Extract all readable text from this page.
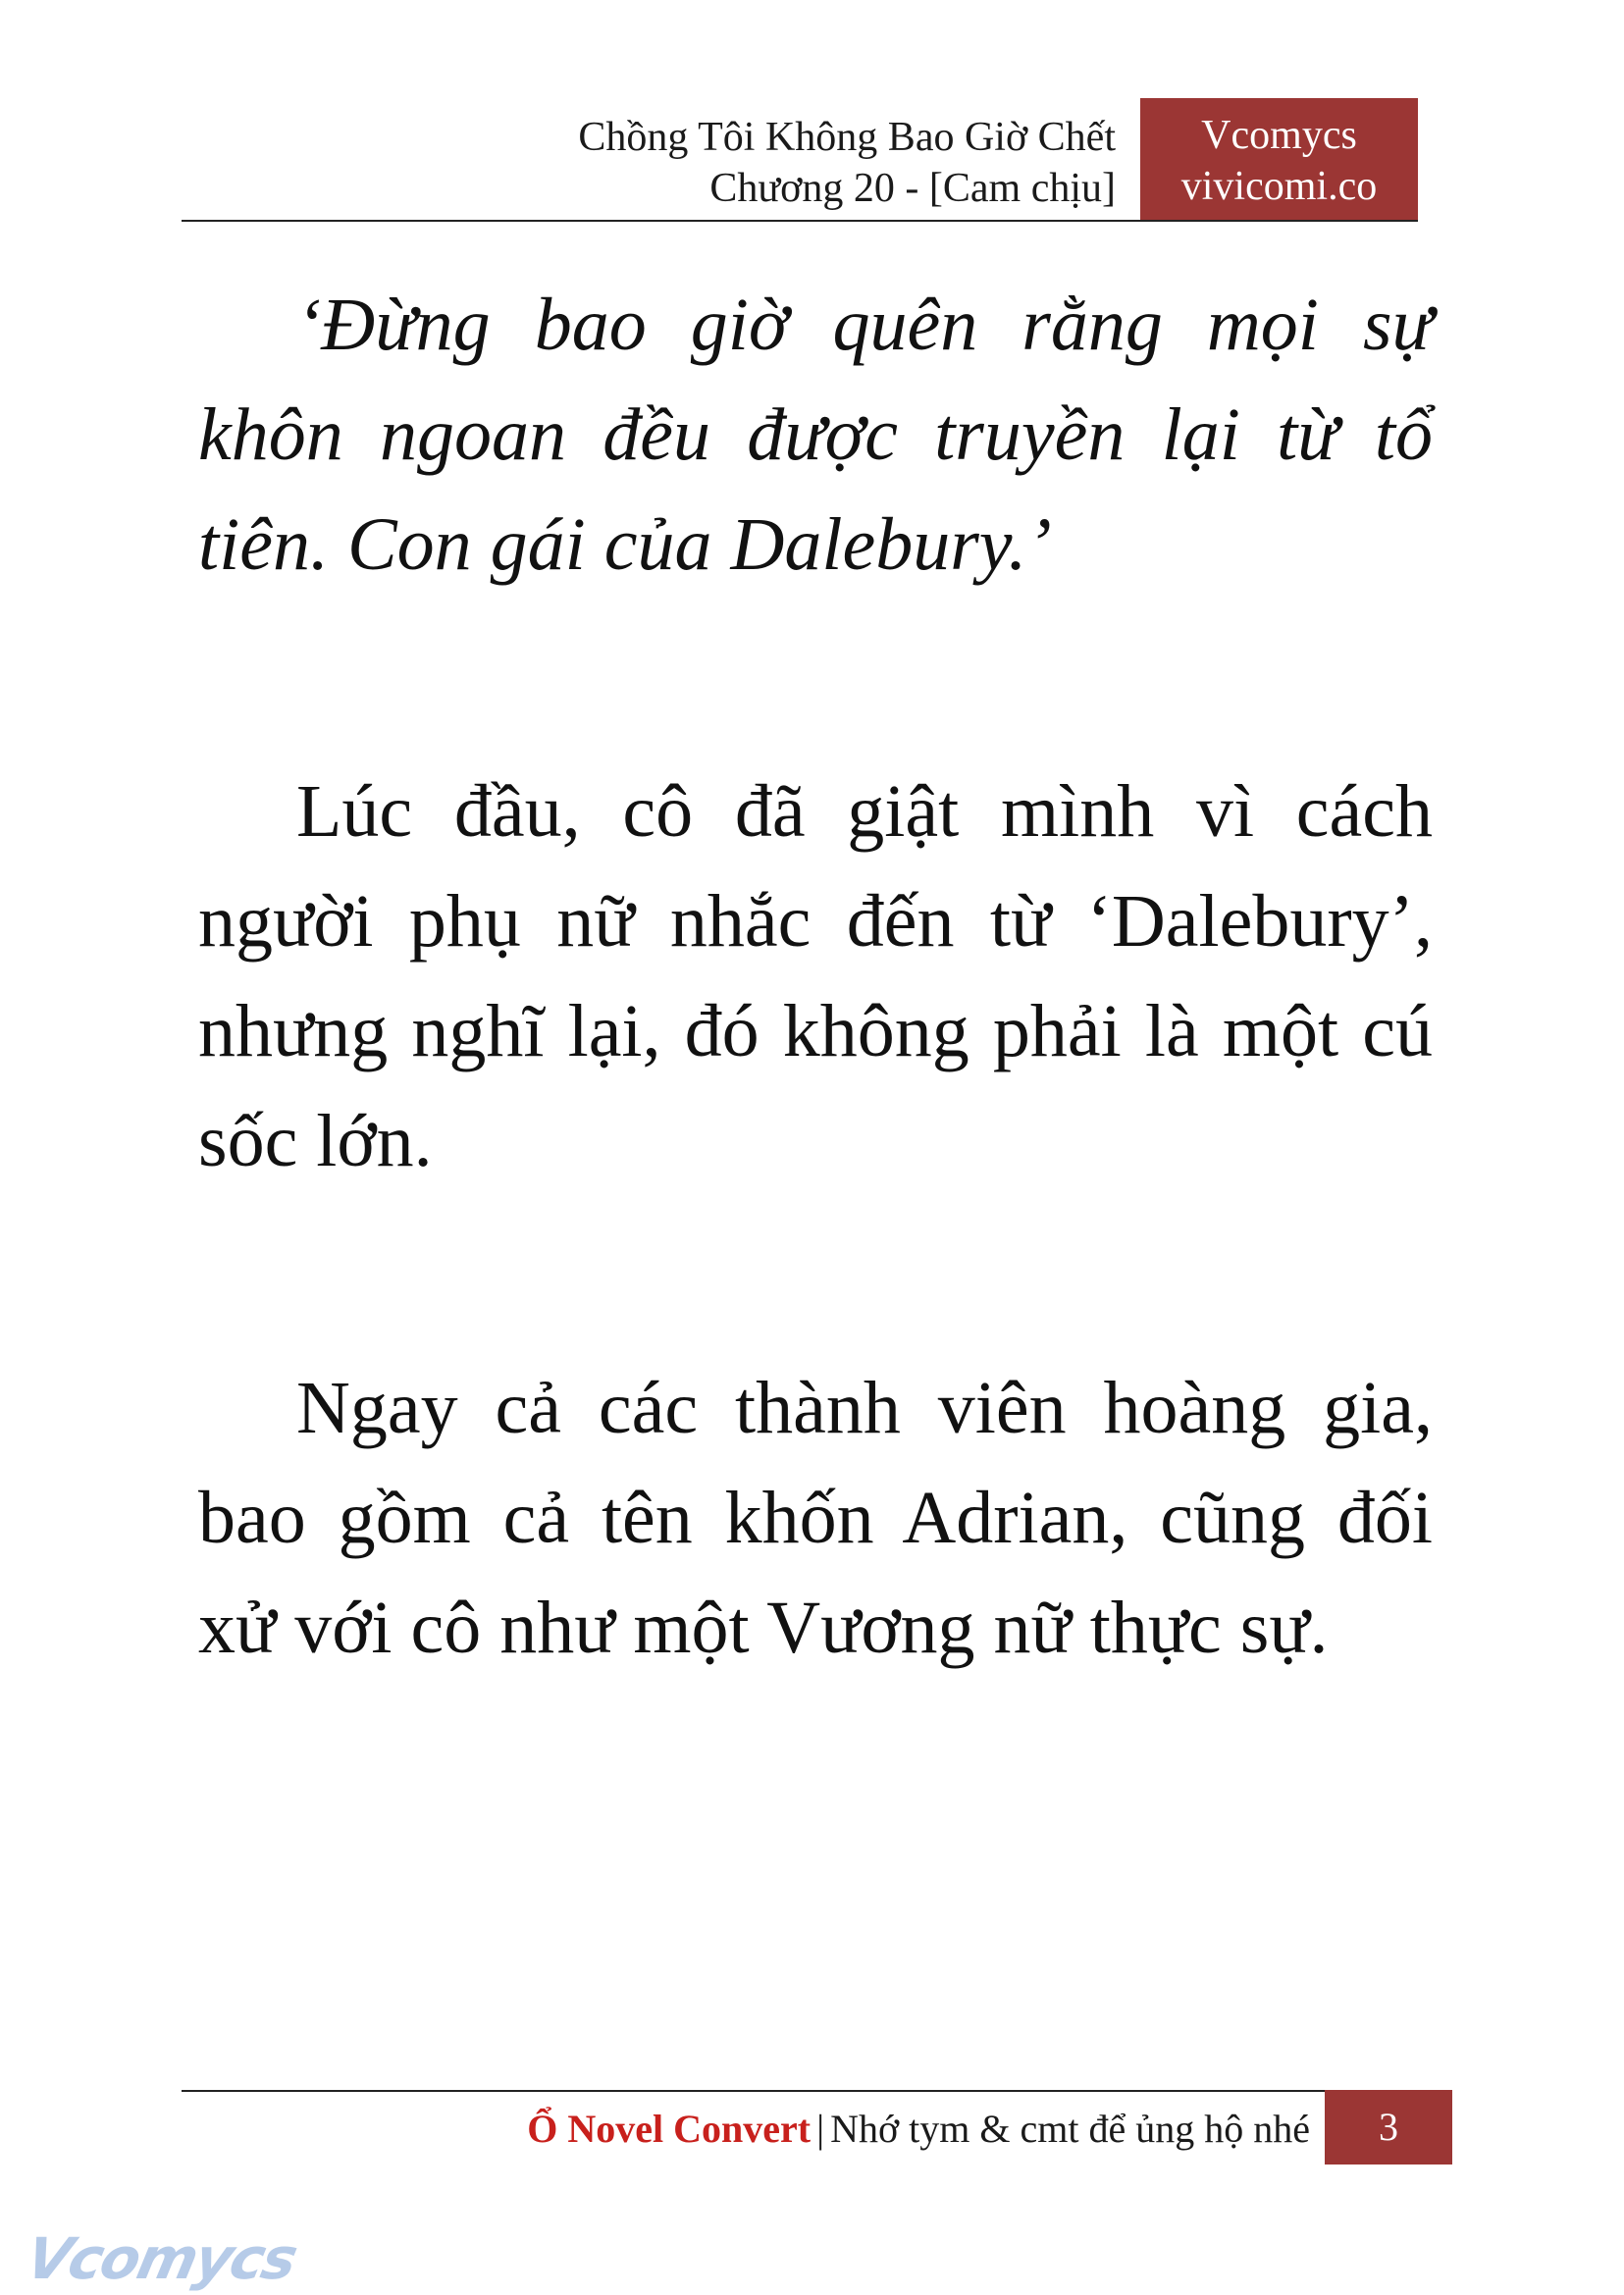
Chồng Tôi Không Bao Giờ Chết
Chương 20 - [Cam chịu]
Vcomycs
vivicomi.co

‘Đừng bao giờ quên rằng mọi sự khôn ngoan đều được truyền lại từ tổ tiên. Con gái của Dalebury.’

Lúc đầu, cô đã giật mình vì cách người phụ nữ nhắc đến từ ‘Dalebury’, nhưng nghĩ lại, đó không phải là một cú sốc lớn.

Ngay cả các thành viên hoàng gia, bao gồm cả tên khốn Adrian, cũng đối xử với cô như một Vương nữ thực sự.

Ổ Novel Convert | Nhớ tym & cmt để ủng hộ nhé	3
Vcomycs
